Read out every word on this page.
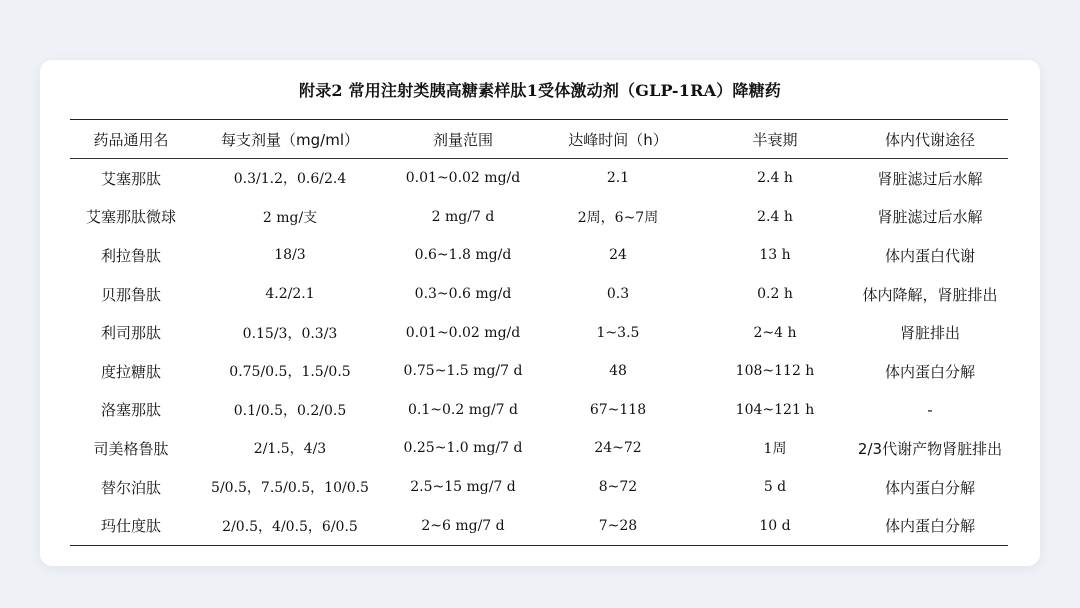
附录2 常用注射类胰高糖素样肽1受体激动剂（GLP-1RA）降糖药
药品通用名	每支剂量（mg/ml）	剂量范围	达峰时间（h）	半衰期	体内代谢途径
艾塞那肽	0.3/1.2，0.6/2.4	0.01~0.02 mg/d	2.1	2.4 h	肾脏滤过后水解
艾塞那肽微球	2 mg/支	2 mg/7 d	2周，6~7周	2.4 h	肾脏滤过后水解
利拉鲁肽	18/3	0.6~1.8 mg/d	24	13 h	体内蛋白代谢
贝那鲁肽	4.2/2.1	0.3~0.6 mg/d	0.3	0.2 h	体内降解，肾脏排出
利司那肽	0.15/3，0.3/3	0.01~0.02 mg/d	1~3.5	2~4 h	肾脏排出
度拉糖肽	0.75/0.5，1.5/0.5	0.75~1.5 mg/7 d	48	108~112 h	体内蛋白分解
洛塞那肽	0.1/0.5，0.2/0.5	0.1~0.2 mg/7 d	67~118	104~121 h	-
司美格鲁肽	2/1.5，4/3	0.25~1.0 mg/7 d	24~72	1周	2/3代谢产物肾脏排出
替尔泊肽	5/0.5，7.5/0.5，10/0.5	2.5~15 mg/7 d	8~72	5 d	体内蛋白分解
玛仕度肽	2/0.5，4/0.5，6/0.5	2~6 mg/7 d	7~28	10 d	体内蛋白分解
